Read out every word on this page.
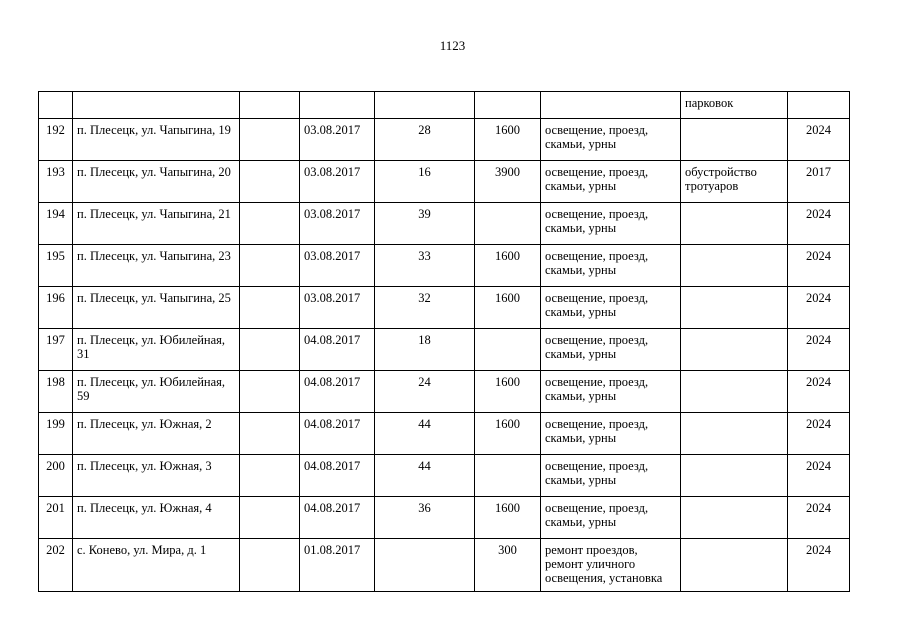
1123
							парковок	
192	п. Плесецк, ул. Чапыгина, 19		03.08.2017	28	1600	освещение, проезд, скамьи, урны		2024
193	п. Плесецк, ул. Чапыгина, 20		03.08.2017	16	3900	освещение, проезд, скамьи, урны	обустройство тротуаров	2017
194	п. Плесецк, ул. Чапыгина, 21		03.08.2017	39		освещение, проезд, скамьи, урны		2024
195	п. Плесецк, ул. Чапыгина, 23		03.08.2017	33	1600	освещение, проезд, скамьи, урны		2024
196	п. Плесецк, ул. Чапыгина, 25		03.08.2017	32	1600	освещение, проезд, скамьи, урны		2024
197	п. Плесецк, ул. Юбилейная, 31		04.08.2017	18		освещение, проезд, скамьи, урны		2024
198	п. Плесецк, ул. Юбилейная, 59		04.08.2017	24	1600	освещение, проезд, скамьи, урны		2024
199	п. Плесецк, ул. Южная, 2		04.08.2017	44	1600	освещение, проезд, скамьи, урны		2024
200	п. Плесецк, ул. Южная, 3		04.08.2017	44		освещение, проезд, скамьи, урны		2024
201	п. Плесецк, ул. Южная, 4		04.08.2017	36	1600	освещение, проезд, скамьи, урны		2024
202	с. Конево, ул. Мира, д. 1		01.08.2017		300	ремонт проездов, ремонт уличного освещения, установка		2024
